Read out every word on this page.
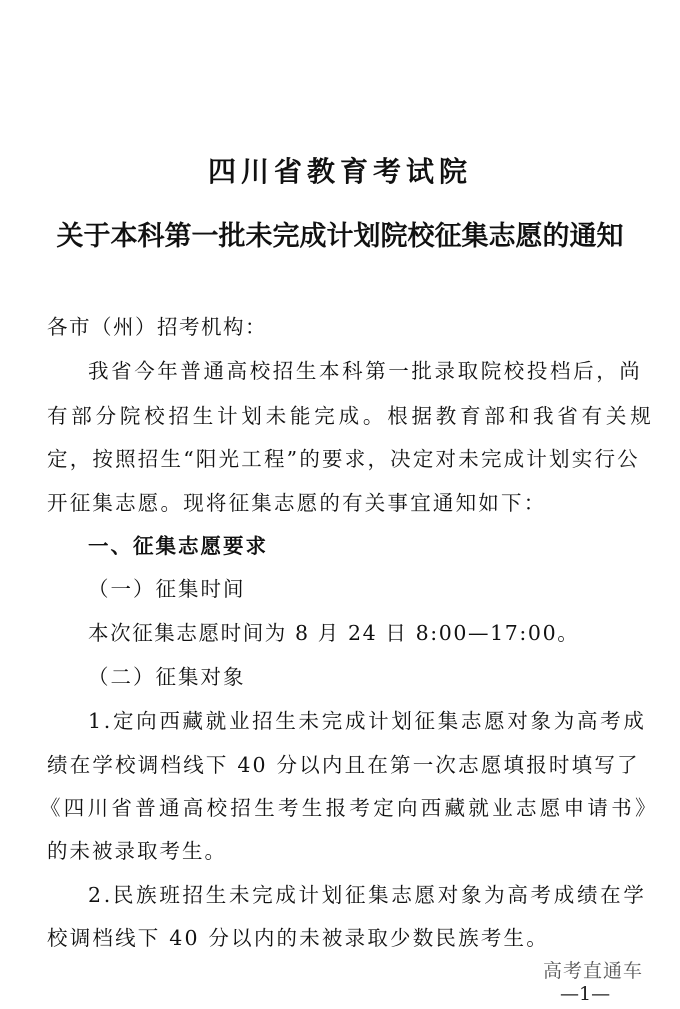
四川省教育考试院
关于本科第一批未完成计划院校征集志愿的通知
各市（州）招考机构：
我省今年普通高校招生本科第一批录取院校投档后，尚
有部分院校招生计划未能完成。根据教育部和我省有关规
定，按照招生“阳光工程”的要求，决定对未完成计划实行公
开征集志愿。现将征集志愿的有关事宜通知如下：
一、征集志愿要求
（一）征集时间
本次征集志愿时间为 8 月 24 日 8:00—17:00。
（二）征集对象
1.定向西藏就业招生未完成计划征集志愿对象为高考成
绩在学校调档线下 40 分以内且在第一次志愿填报时填写了
《四川省普通高校招生考生报考定向西藏就业志愿申请书》
的未被录取考生。
2.民族班招生未完成计划征集志愿对象为高考成绩在学
校调档线下 40 分以内的未被录取少数民族考生。
高考直通车
—1—
